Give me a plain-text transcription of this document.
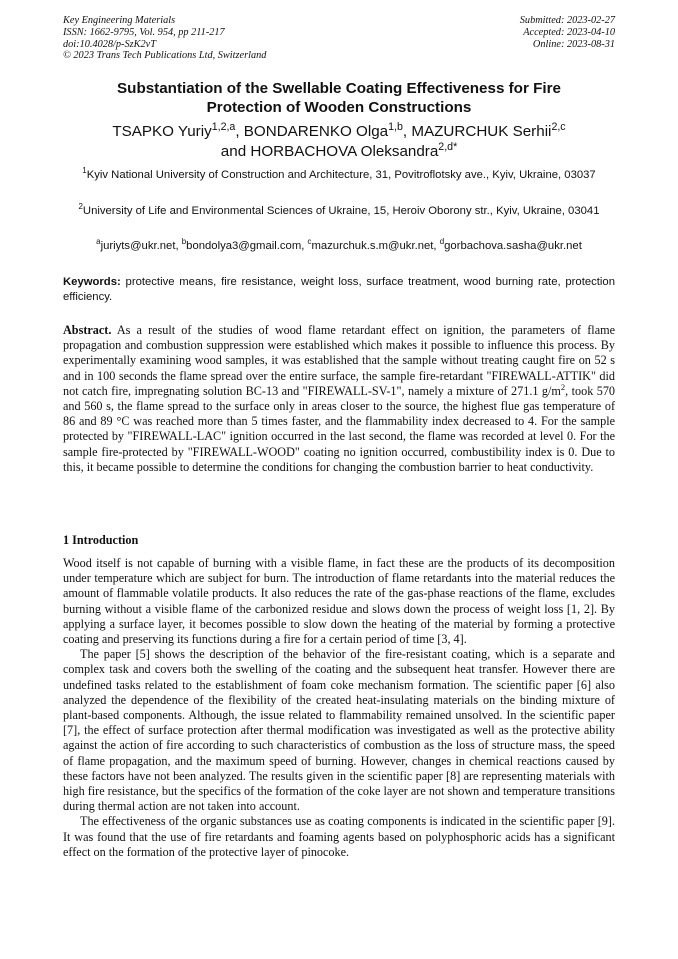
Key Engineering Materials
ISSN: 1662-9795, Vol. 954, pp 211-217
doi:10.4028/p-SzK2vT
© 2023 Trans Tech Publications Ltd, Switzerland
Submitted: 2023-02-27
Accepted: 2023-04-10
Online: 2023-08-31
Substantiation of the Swellable Coating Effectiveness for Fire
Protection of Wooden Constructions
TSAPKO Yuriy$^{1,2,a}$, BONDARENKO Olga$^{1,b}$, MAZURCHUK Serhii$^{2,c}$
and HORBACHOVA Oleksandra$^{2,d*}$
$^1$Kyiv National University of Construction and Architecture, 31, Povitroflotsky ave., Kyiv, Ukraine, 03037
$^2$University of Life and Environmental Sciences of Ukraine, 15, Heroiv Oborony str., Kyiv, Ukraine, 03041
$^a$juriyts@ukr.net, $^b$bondolya3@gmail.com, $^c$mazurchuk.s.m@ukr.net, $^d$gorbachova.sasha@ukr.net
Keywords: protective means, fire resistance, weight loss, surface treatment, wood burning rate, protection efficiency.
Abstract. As a result of the studies of wood flame retardant effect on ignition, the parameters of flame propagation and combustion suppression were established which makes it possible to influence this process. By experimentally examining wood samples, it was established that the sample without treating caught fire on 52 s and in 100 seconds the flame spread over the entire surface, the sample fire-retardant "FIREWALL-ATTIK" did not catch fire, impregnating solution BC-13 and "FIREWALL-SV-1", namely a mixture of 271.1 $g/m^2$, took 570 and 560 s, the flame spread to the surface only in areas closer to the source, the highest flue gas temperature of 86 and 89 °C was reached more than 5 times faster, and the flammability index decreased to 4. For the sample protected by "FIREWALL-LAC" ignition occurred in the last second, the flame was recorded at level 0. For the sample fire-protected by "FIREWALL-WOOD" coating no ignition occurred, combustibility index is 0. Due to this, it became possible to determine the conditions for changing the combustion barrier to heat conductivity.
1 Introduction

Wood itself is not capable of burning with a visible flame, in fact these are the products of its decomposition under temperature which are subject for burn. The introduction of flame retardants into the material reduces the amount of flammable volatile products. It also reduces the rate of the gas-phase reactions of the flame, excludes burning without a visible flame of the carbonized residue and slows down the process of weight loss [1, 2]. By applying a surface layer, it becomes possible to slow down the heating of the material by forming a protective coating and preserving its functions during a fire for a certain period of time [3, 4].

The paper [5] shows the description of the behavior of the fire-resistant coating, which is a separate and complex task and covers both the swelling of the coating and the subsequent heat transfer. However there are undefined tasks related to the establishment of foam coke mechanism formation. The scientific paper [6] also analyzed the dependence of the flexibility of the created heat-insulating materials on the binding mixture of plant-based components. Although, the issue related to flammability remained unsolved. In the scientific paper [7], the effect of surface protection after thermal modification was investigated as well as the protective ability against the action of fire according to such characteristics of combustion as the loss of structure mass, the speed of flame propagation, and the maximum speed of burning. However, changes in chemical reactions caused by these factors have not been analyzed. The results given in the scientific paper [8] are representing materials with high fire resistance, but the specifics of the formation of the coke layer are not shown and temperature transitions during thermal action are not taken into account.

The effectiveness of the organic substances use as coating components is indicated in the scientific paper [9]. It was found that the use of fire retardants and foaming agents based on polyphosphoric acids has a significant effect on the formation of the protective layer of pinocoke.
